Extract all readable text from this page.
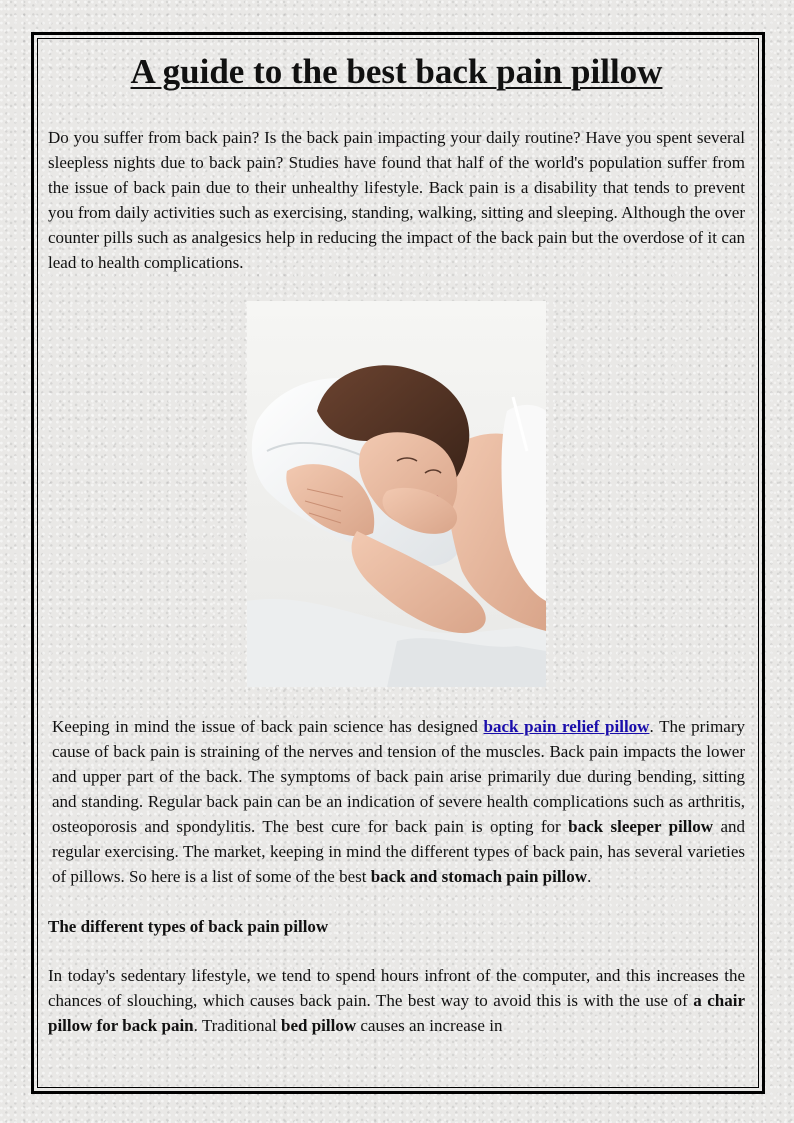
A guide to the best back pain pillow

Do you suffer from back pain? Is the back pain impacting your daily routine? Have you spent several sleepless nights due to back pain? Studies have found that half of the world's population suffer from the issue of back pain due to their unhealthy lifestyle. Back pain is a disability that tends to prevent you from daily activities such as exercising, standing, walking, sitting and sleeping. Although the over counter pills such as analgesics help in reducing the impact of the back pain but the overdose of it can lead to health complications.

Keeping in mind the issue of back pain science has designed back pain relief pillow. The primary cause of back pain is straining of the nerves and tension of the muscles. Back pain impacts the lower and upper part of the back. The symptoms of back pain arise primarily due during bending, sitting and standing. Regular back pain can be an indication of severe health complications such as arthritis, osteoporosis and spondylitis. The best cure for back pain is opting for back sleeper pillow and regular exercising. The market, keeping in mind the different types of back pain, has several varieties of pillows. So here is a list of some of the best back and stomach pain pillow.

The different types of back pain pillow

In today's sedentary lifestyle, we tend to spend hours infront of the computer, and this increases the chances of slouching, which causes back pain. The best way to avoid this is with the use of a chair pillow for back pain. Traditional bed pillow causes an increase in
